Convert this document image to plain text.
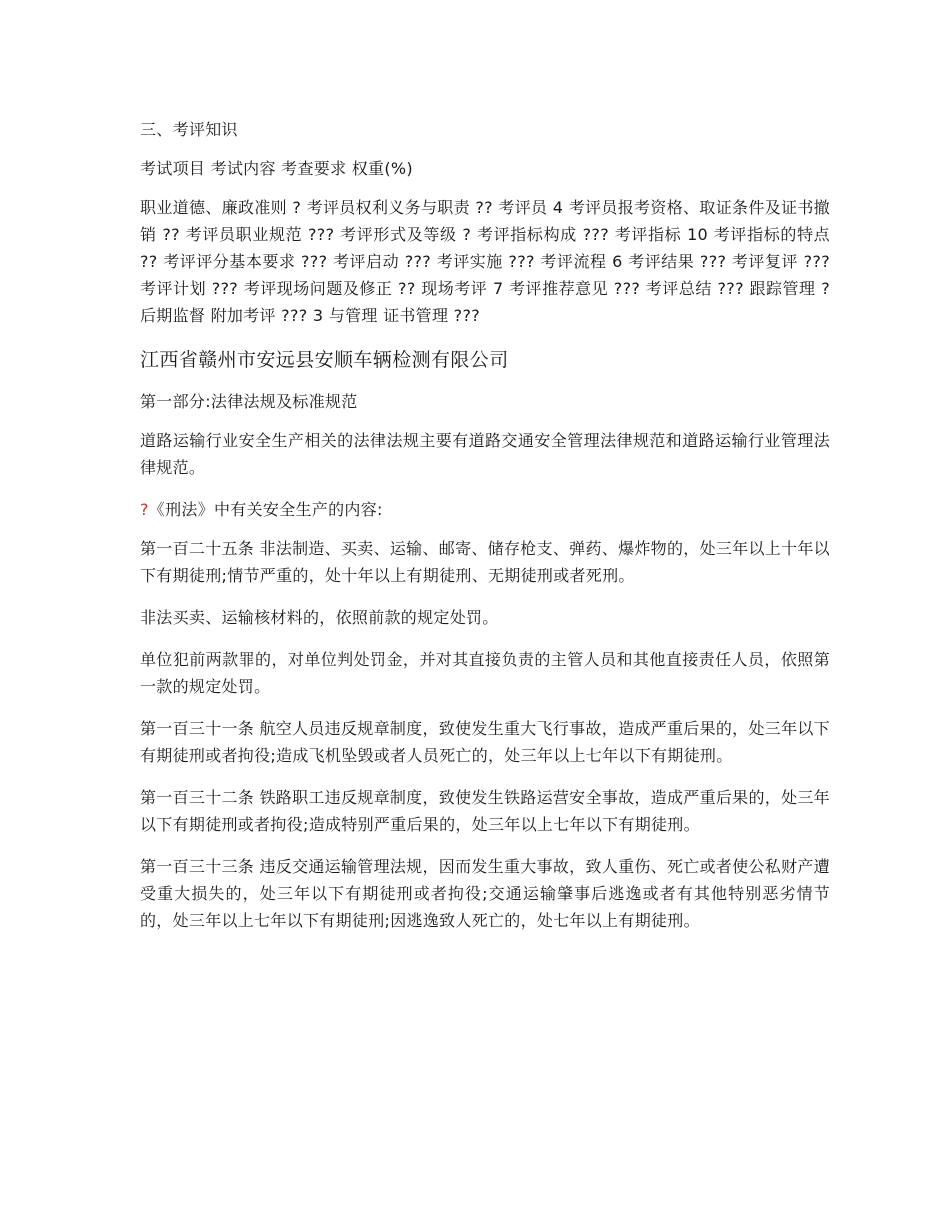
三、考评知识

考试项目 考试内容 考查要求 权重(%)

职业道德、廉政准则 ? 考评员权利义务与职责 ?? 考评员 4 考评员报考资格、取证条件及证书撤销 ?? 考评员职业规范 ??? 考评形式及等级 ? 考评指标构成 ??? 考评指标 10 考评指标的特点 ?? 考评评分基本要求 ??? 考评启动 ??? 考评实施 ??? 考评流程 6 考评结果 ??? 考评复评 ??? 考评计划 ??? 考评现场问题及修正 ?? 现场考评 7 考评推荐意见 ??? 考评总结 ??? 跟踪管理 ? 后期监督 附加考评 ??? 3 与管理 证书管理 ???

江西省赣州市安远县安顺车辆检测有限公司

第一部分:法律法规及标准规范

道路运输行业安全生产相关的法律法规主要有道路交通安全管理法律规范和道路运输行业管理法律规范。

?《刑法》中有关安全生产的内容:

第一百二十五条 非法制造、买卖、运输、邮寄、储存枪支、弹药、爆炸物的，处三年以上十年以下有期徒刑;情节严重的，处十年以上有期徒刑、无期徒刑或者死刑。

非法买卖、运输核材料的，依照前款的规定处罚。

单位犯前两款罪的，对单位判处罚金，并对其直接负责的主管人员和其他直接责任人员，依照第一款的规定处罚。

第一百三十一条 航空人员违反规章制度，致使发生重大飞行事故，造成严重后果的，处三年以下有期徒刑或者拘役;造成飞机坠毁或者人员死亡的，处三年以上七年以下有期徒刑。

第一百三十二条 铁路职工违反规章制度，致使发生铁路运营安全事故，造成严重后果的，处三年以下有期徒刑或者拘役;造成特别严重后果的，处三年以上七年以下有期徒刑。

第一百三十三条 违反交通运输管理法规，因而发生重大事故，致人重伤、死亡或者使公私财产遭受重大损失的，处三年以下有期徒刑或者拘役;交通运输肇事后逃逸或者有其他特别恶劣情节的，处三年以上七年以下有期徒刑;因逃逸致人死亡的，处七年以上有期徒刑。
